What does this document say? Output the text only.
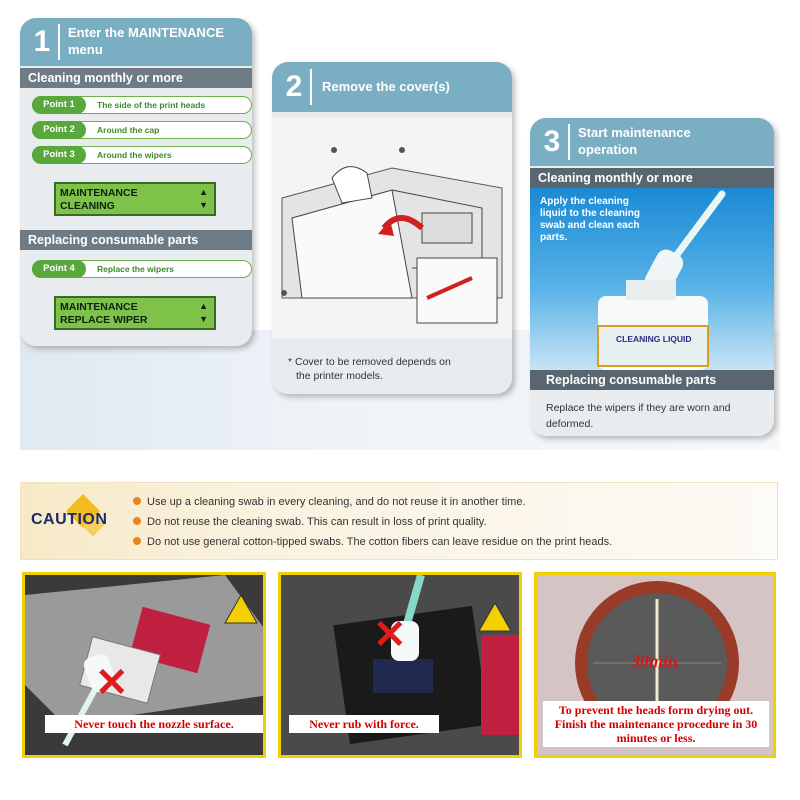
1	Enter the MAINTENANCE menu
Cleaning monthly or more
Point 1	The side of the print heads
Point 2	Around the cap
Point 3	Around the wipers
MAINTENANCE
CLEANING
▲
▼
Replacing consumable parts
Point 4	Replace the wipers
MAINTENANCE
REPLACE WIPER
▲
▼
2	Remove the cover(s)
* Cover to be removed depends on
the printer models.
3	Start maintenance operation
Cleaning monthly or more
Apply the cleaning liquid to the cleaning swab and clean each parts.
CLEANING LIQUID
Replacing consumable parts
Replace the wipers if they are worn and deformed.
CAUTION
Use up a cleaning swab in every cleaning, and do not reuse it in another time.
Do not reuse the cleaning swab. This can result in loss of print quality.
Do not use general cotton-tipped swabs. The cotton fibers can leave residue on the print heads.
✕
Never touch the nozzle surface.
✕
Never rub with force.
30min
To prevent the heads form drying out. Finish the maintenance procedure in 30 minutes or less.
